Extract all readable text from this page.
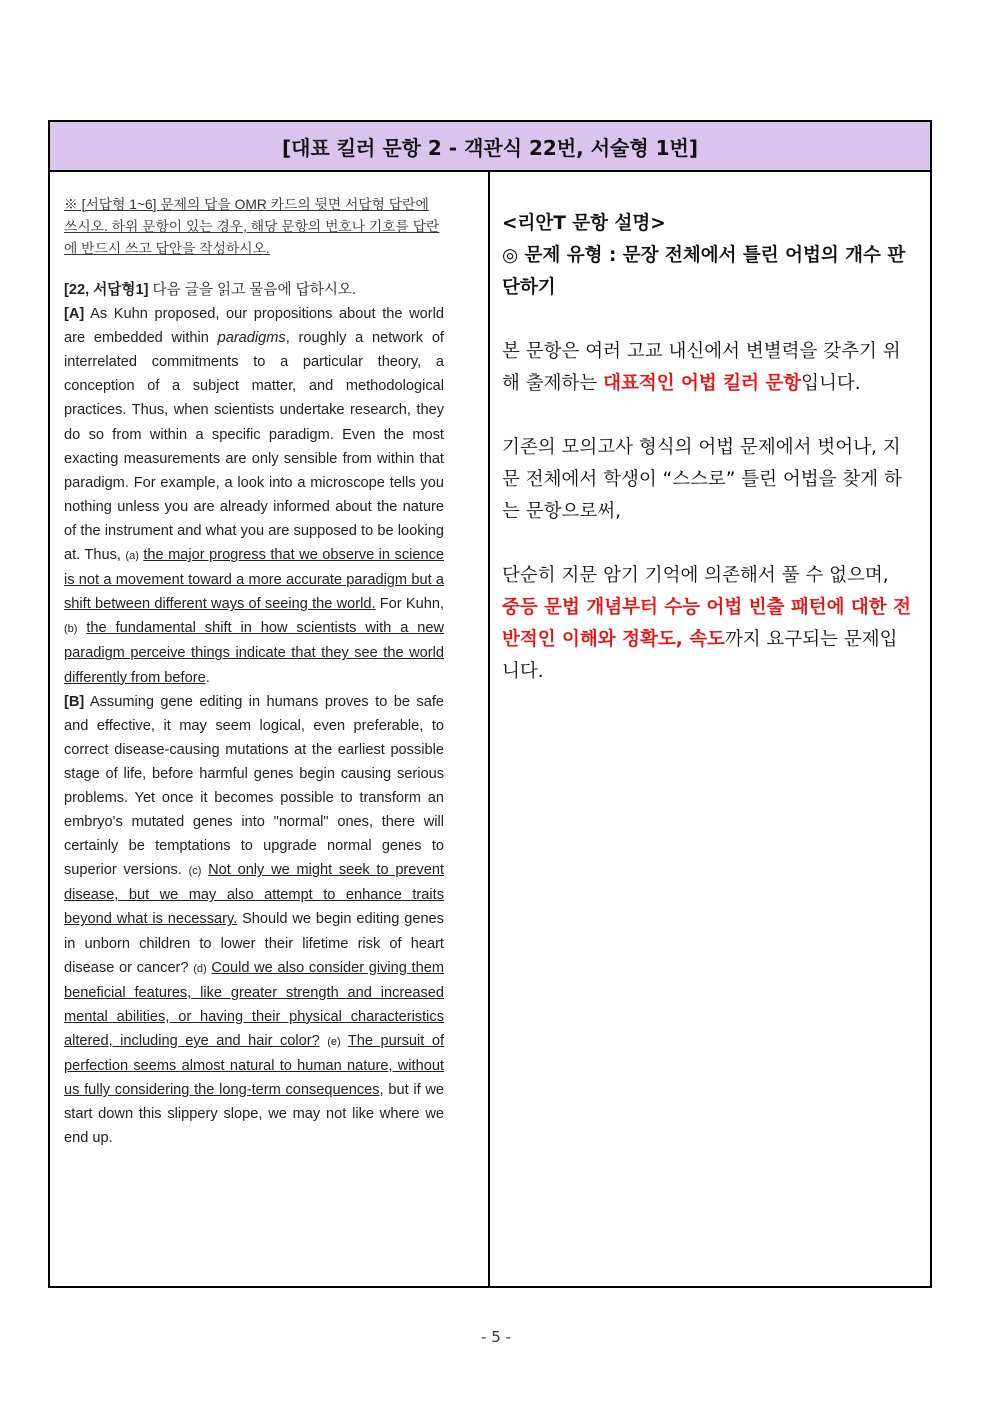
[대표 킬러 문항 2 - 객관식 22번, 서술형 1번]
※ [서답형 1~6] 문제의 답을 OMR 카드의 뒷면 서답형 답란에 쓰시오. 하위 문항이 있는 경우, 해당 문항의 번호나 기호를 답란에 반드시 쓰고 답안을 작성하시오.
[22, 서답형1] 다음 글을 읽고 물음에 답하시오.

[A] As Kuhn proposed, our propositions about the world are embedded within paradigms, roughly a network of interrelated commitments to a particular theory, a conception of a subject matter, and methodological practices. Thus, when scientists undertake research, they do so from within a specific paradigm. Even the most exacting measurements are only sensible from within that paradigm. For example, a look into a microscope tells you nothing unless you are already informed about the nature of the instrument and what you are supposed to be looking at. Thus, (a) the major progress that we observe in science is not a movement toward a more accurate paradigm but a shift between different ways of seeing the world. For Kuhn, (b) the fundamental shift in how scientists with a new paradigm perceive things indicate that they see the world differently from before.

[B] Assuming gene editing in humans proves to be safe and effective, it may seem logical, even preferable, to correct disease-causing mutations at the earliest possible stage of life, before harmful genes begin causing serious problems. Yet once it becomes possible to transform an embryo's mutated genes into "normal" ones, there will certainly be temptations to upgrade normal genes to superior versions. (c) Not only we might seek to prevent disease, but we may also attempt to enhance traits beyond what is necessary. Should we begin editing genes in unborn children to lower their lifetime risk of heart disease or cancer? (d) Could we also consider giving them beneficial features, like greater strength and increased mental abilities, or having their physical characteristics altered, including eye and hair color? (e) The pursuit of perfection seems almost natural to human nature, without us fully considering the long-term consequences, but if we start down this slippery slope, we may not like where we end up.

<리안T 문항 설명>
◎ 문제 유형 : 문장 전체에서 틀린 어법의 개수 판단하기

본 문항은 여러 고교 내신에서 변별력을 갖추기 위해 출제하는 대표적인 어법 킬러 문항입니다.

기존의 모의고사 형식의 어법 문제에서 벗어나, 지문 전체에서 학생이 “스스로” 틀린 어법을 찾게 하는 문항으로써,

단순히 지문 암기 기억에 의존해서 풀 수 없으며, 중등 문법 개념부터 수능 어법 빈출 패턴에 대한 전반적인 이해와 정확도, 속도까지 요구되는 문제입니다.

- 5 -
